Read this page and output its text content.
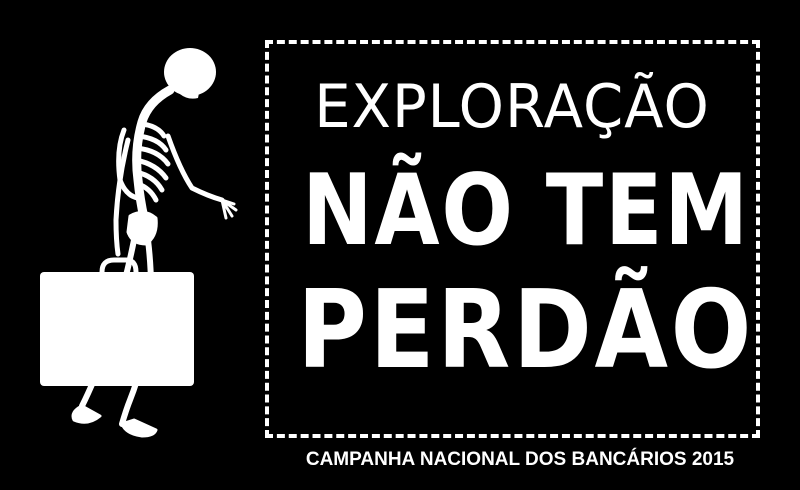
EXPLORAÇÃO
NÃO TEM
PERDÃO
CAMPANHA NACIONAL DOS BANCÁRIOS 2015
